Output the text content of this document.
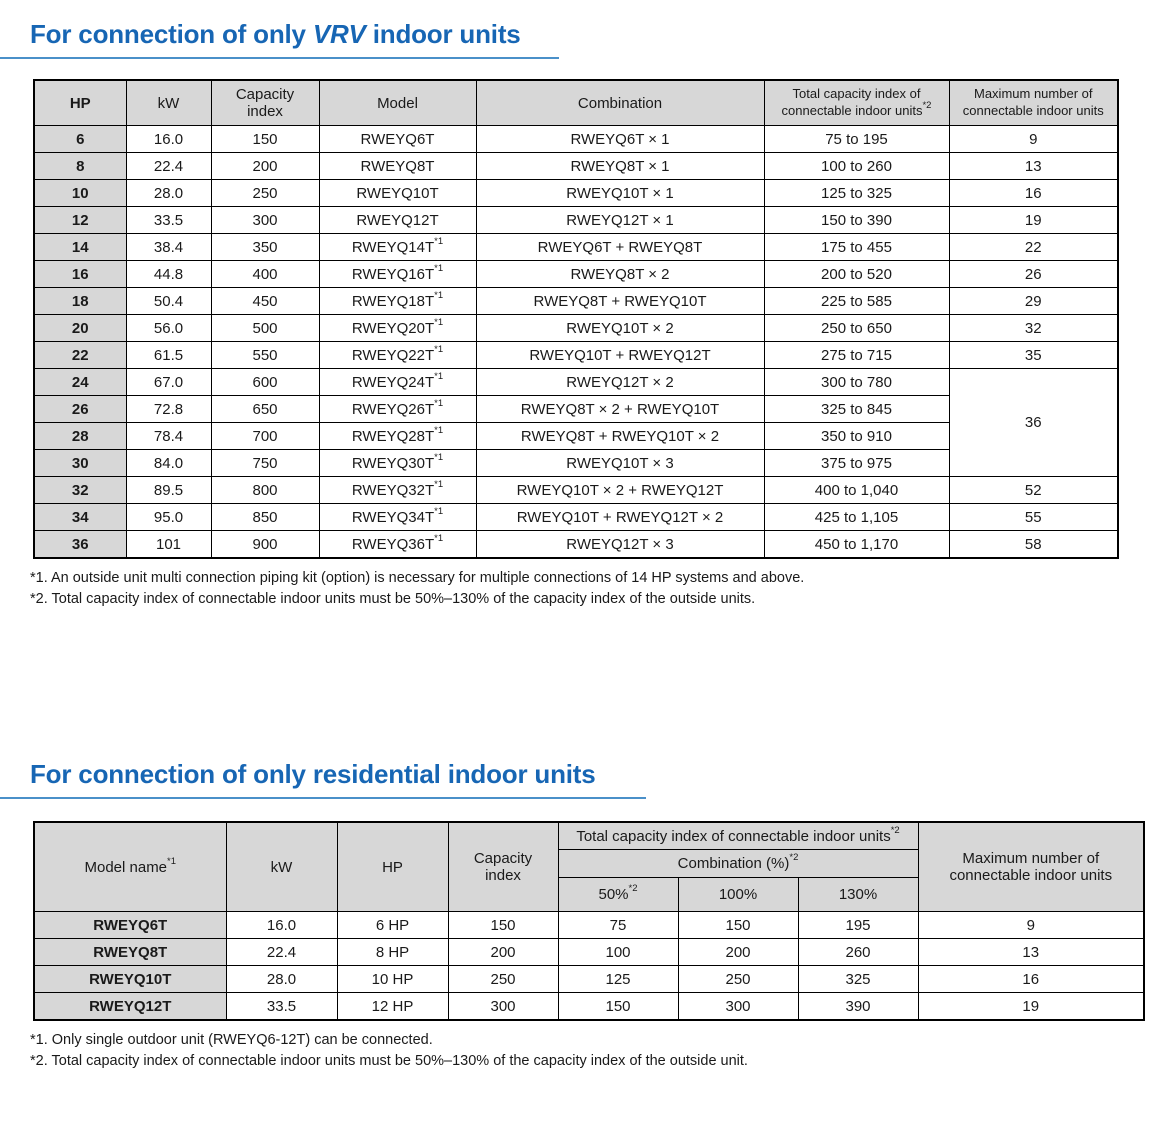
For connection of only VRV indoor units
HP	kW	Capacity index	Model	Combination	Total capacity index of connectable indoor units$^{*2}$	Maximum number of connectable indoor units
6	16.0	150	RWEYQ6T	RWEYQ6T × 1	75 to 195	9
8	22.4	200	RWEYQ8T	RWEYQ8T × 1	100 to 260	13
10	28.0	250	RWEYQ10T	RWEYQ10T × 1	125 to 325	16
12	33.5	300	RWEYQ12T	RWEYQ12T × 1	150 to 390	19
14	38.4	350	$RWEYQ14T^{*1}$	RWEYQ6T + RWEYQ8T	175 to 455	22
16	44.8	400	$RWEYQ16T^{*1}$	RWEYQ8T × 2	200 to 520	26
18	50.4	450	$RWEYQ18T^{*1}$	RWEYQ8T + RWEYQ10T	225 to 585	29
20	56.0	500	$RWEYQ20T^{*1}$	RWEYQ10T × 2	250 to 650	32
22	61.5	550	$RWEYQ22T^{*1}$	RWEYQ10T + RWEYQ12T	275 to 715	35
24	67.0	600	$RWEYQ24T^{*1}$	RWEYQ12T × 2	300 to 780	36
26	72.8	650	$RWEYQ26T^{*1}$	RWEYQ8T × 2 + RWEYQ10T	325 to 845	
28	78.4	700	$RWEYQ28T^{*1}$	RWEYQ8T + RWEYQ10T × 2	350 to 910	
30	84.0	750	$RWEYQ30T^{*1}$	RWEYQ10T × 3	375 to 975	
32	89.5	800	$RWEYQ32T^{*1}$	RWEYQ10T × 2 + RWEYQ12T	400 to 1,040	52
34	95.0	850	$RWEYQ34T^{*1}$	RWEYQ10T + RWEYQ12T × 2	425 to 1,105	55
36	101	900	$RWEYQ36T^{*1}$	RWEYQ12T × 3	450 to 1,170	58
*1. An outside unit multi connection piping kit (option) is necessary for multiple connections of 14 HP systems and above.
*2. Total capacity index of connectable indoor units must be 50%–130% of the capacity index of the outside units.
For connection of only residential indoor units
Model name$^{*1}$	kW	HP	Capacity index	Total capacity index of connectable indoor units$^{*2}$			Maximum number of connectable indoor units
				Combination (%)$^{*2}$
				50%$^{*2}$	100%	130%	
RWEYQ6T	16.0	6 HP	150	75	150	195	9
RWEYQ8T	22.4	8 HP	200	100	200	260	13
RWEYQ10T	28.0	10 HP	250	125	250	325	16
RWEYQ12T	33.5	12 HP	300	150	300	390	19
*1. Only single outdoor unit (RWEYQ6-12T) can be connected.
*2. Total capacity index of connectable indoor units must be 50%–130% of the capacity index of the outside unit.
